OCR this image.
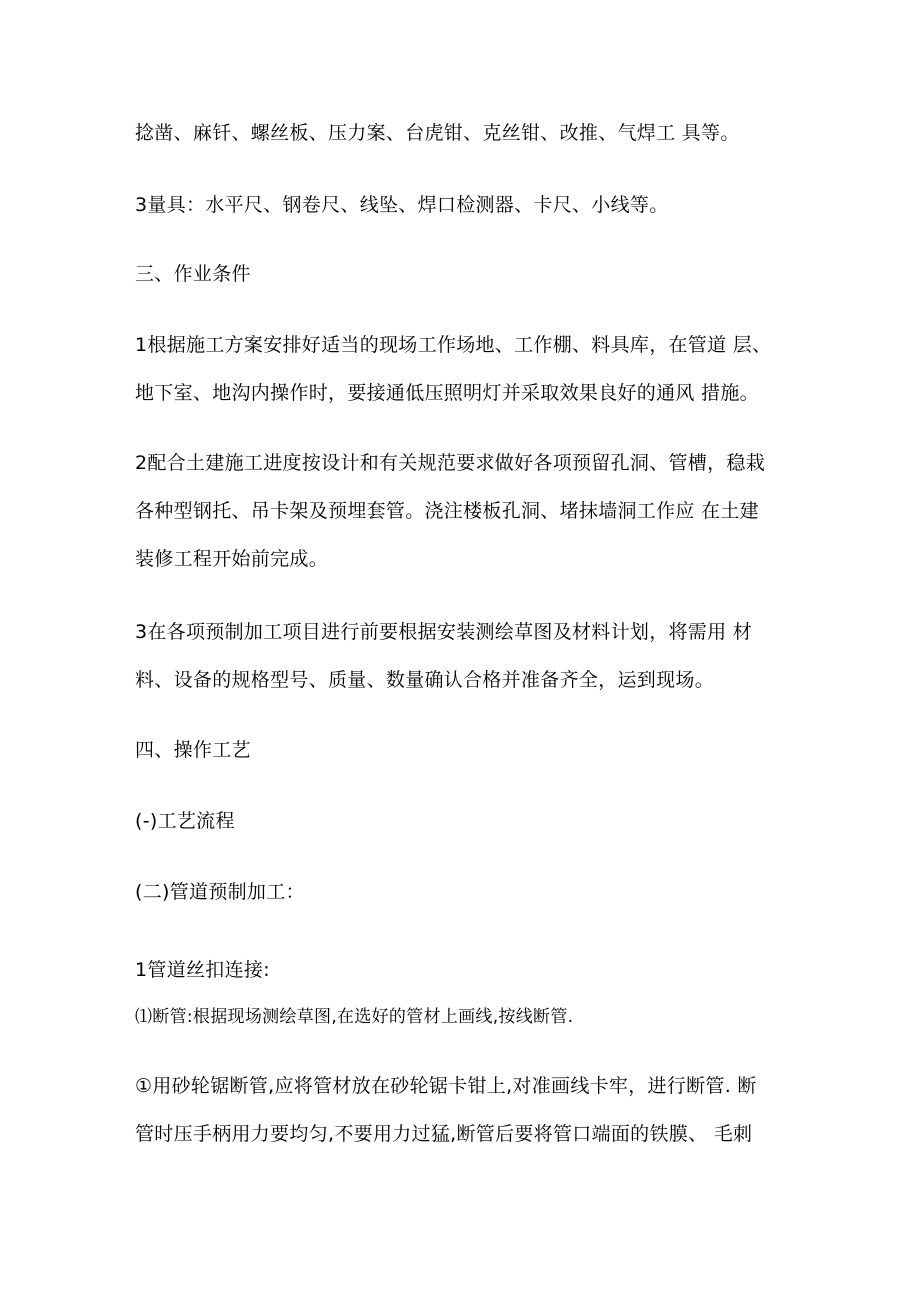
捻凿、麻钎、螺丝板、压力案、台虎钳、克丝钳、改推、气焊工 具等。
3量具：水平尺、钢卷尺、线坠、焊口检测器、卡尺、小线等。
三、作业条件
1根据施工方案安排好适当的现场工作场地、工作棚、料具库，在管道 层、
地下室、地沟内操作时，要接通低压照明灯并采取效果良好的通风 措施。
2配合土建施工进度按设计和有关规范要求做好各项预留孔洞、管槽，稳栽
各种型钢托、吊卡架及预埋套管。浇注楼板孔洞、堵抹墙洞工作应 在土建
装修工程开始前完成。
3在各项预制加工项目进行前要根据安装测绘草图及材料计划，将需用 材
料、设备的规格型号、质量、数量确认合格并准备齐全，运到现场。
四、操作工艺
(-)工艺流程
(二)管道预制加工：
1管道丝扣连接:
⑴断管:根据现场测绘草图,在选好的管材上画线,按线断管.
①用砂轮锯断管,应将管材放在砂轮锯卡钳上,对准画线卡牢，进行断管. 断
管时压手柄用力要均匀,不要用力过猛,断管后要将管口端面的铁膜、 毛刺
